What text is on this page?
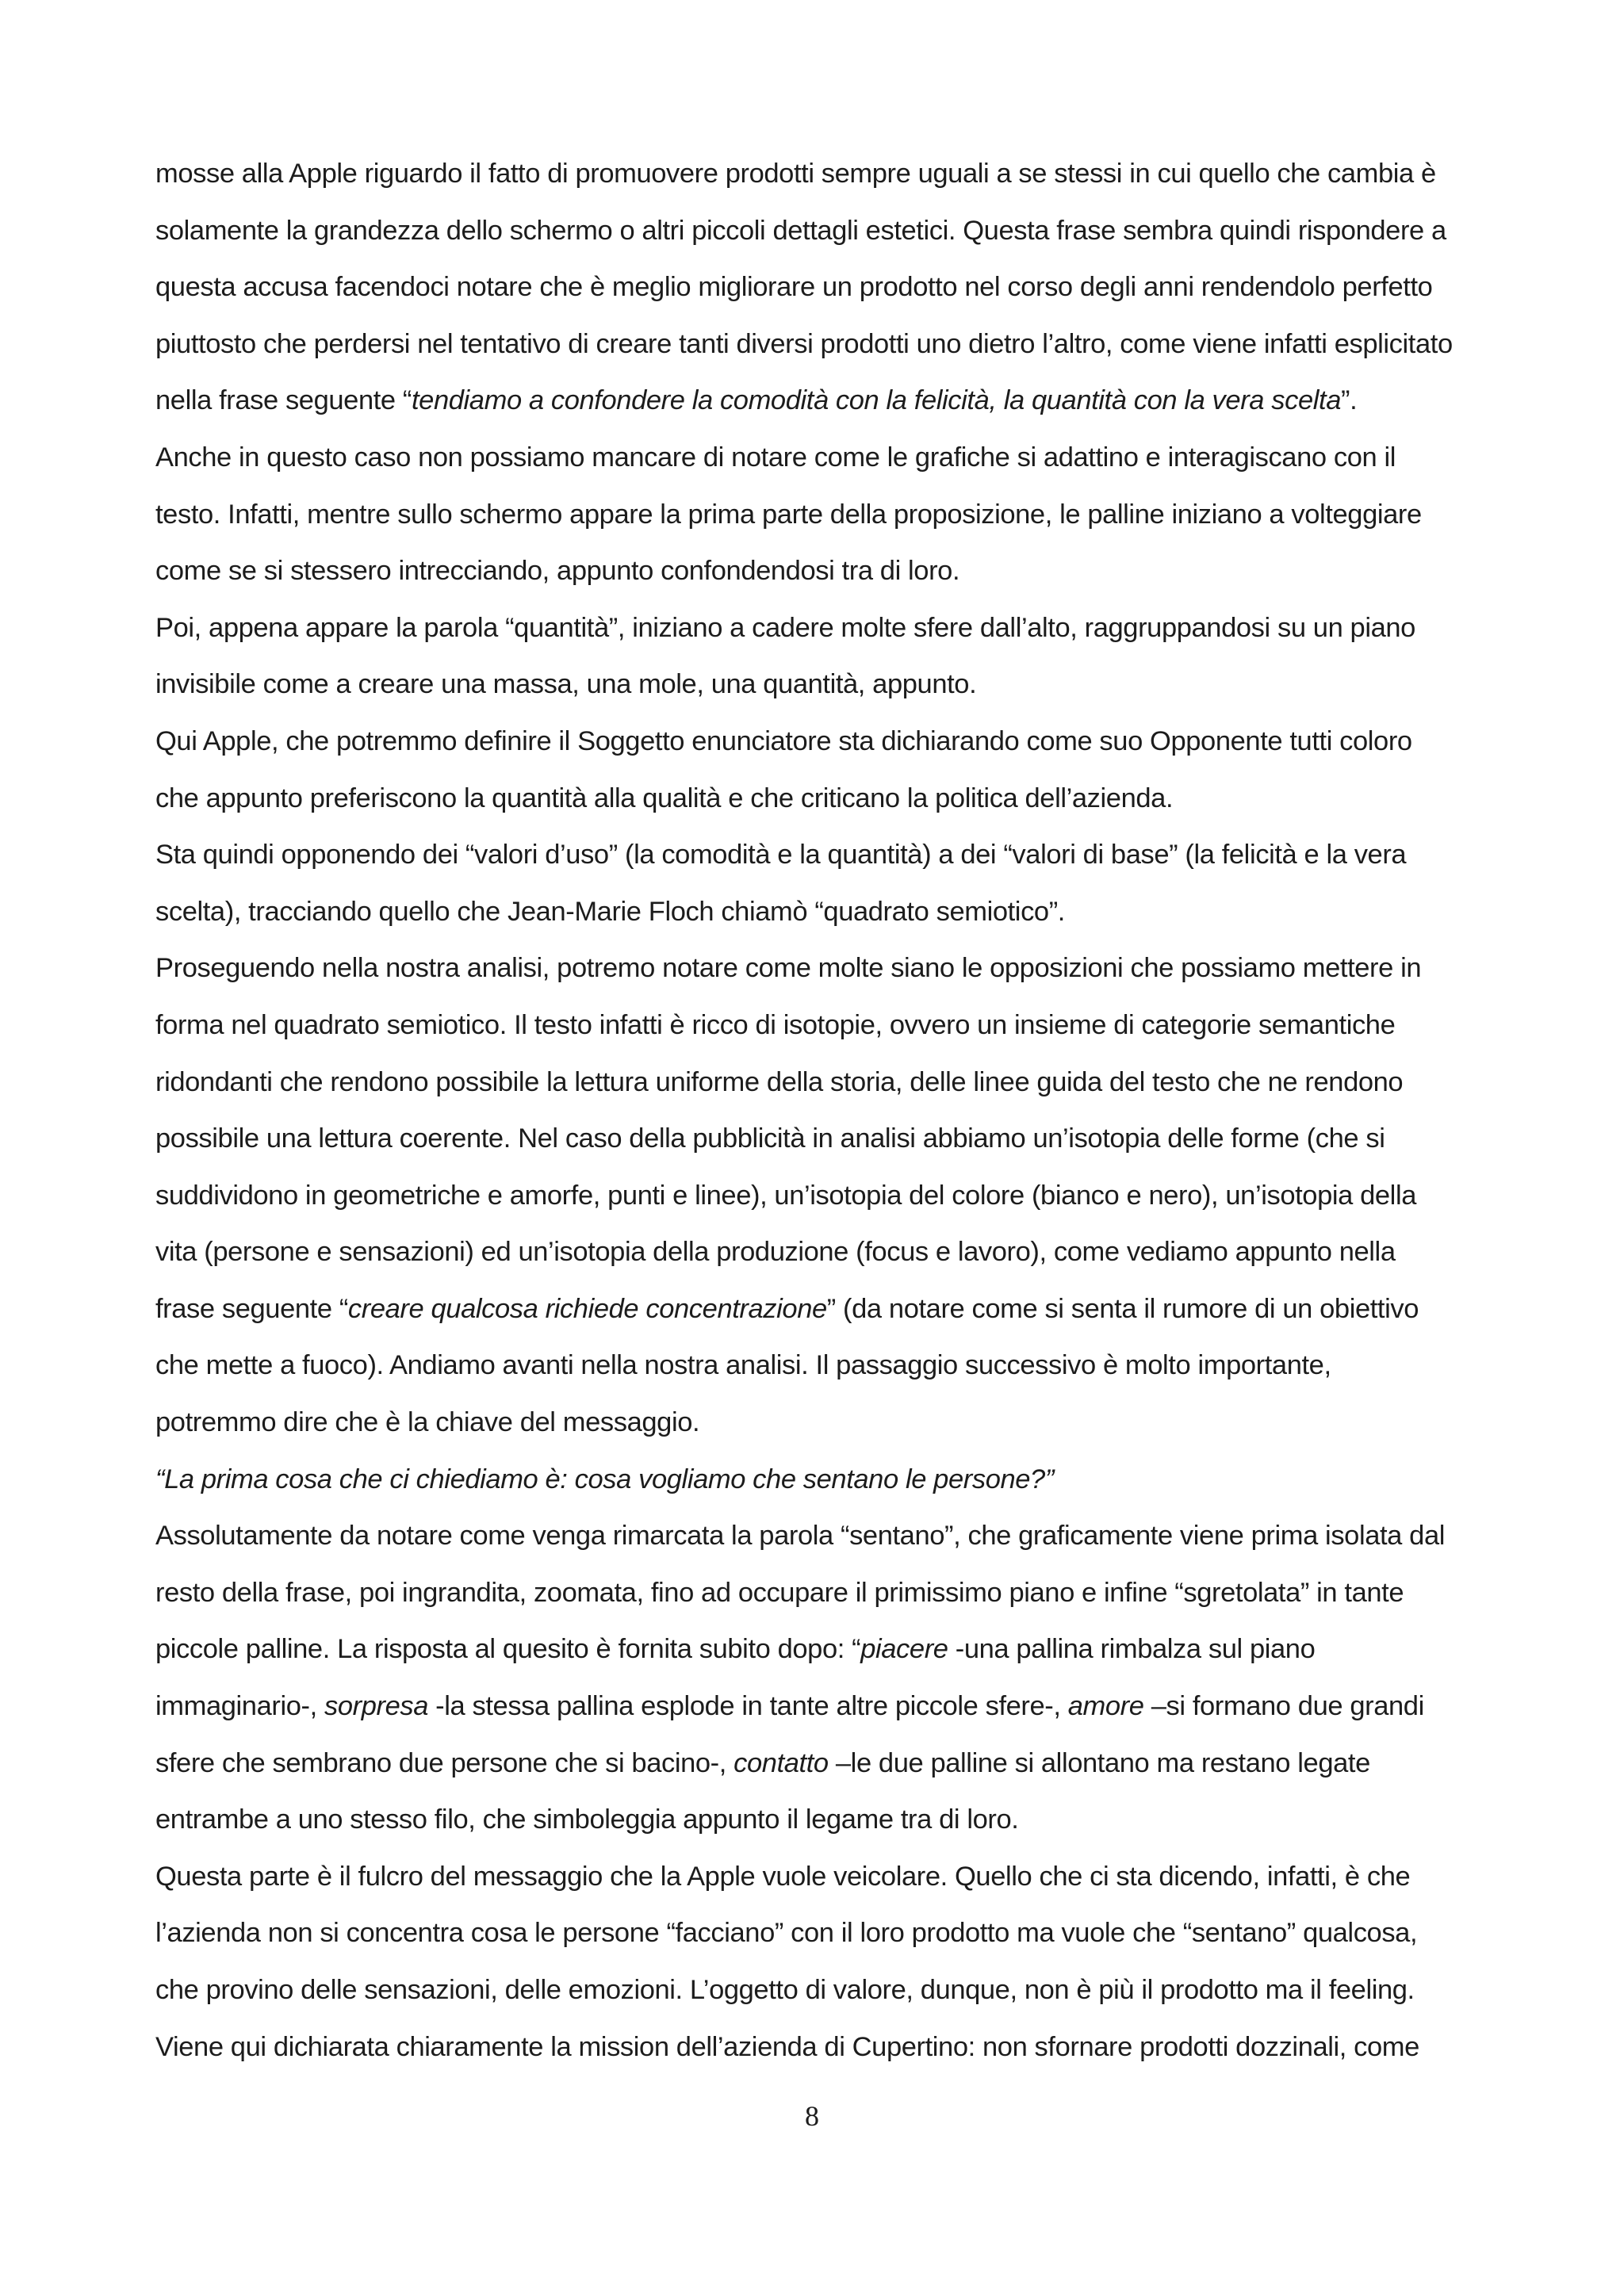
mosse alla Apple riguardo il fatto di promuovere prodotti sempre uguali a se stessi in cui quello che cambia è
solamente la grandezza dello schermo o altri piccoli dettagli estetici. Questa frase sembra quindi rispondere a
questa accusa facendoci notare che è meglio migliorare un prodotto nel corso degli anni rendendolo perfetto
piuttosto che perdersi nel tentativo di creare tanti diversi prodotti uno dietro l’altro, come viene infatti esplicitato
nella frase seguente “tendiamo a confondere la comodità con la felicità, la quantità con la vera scelta”.
Anche in questo caso non possiamo mancare di notare come le grafiche si adattino e interagiscano con il
testo. Infatti, mentre sullo schermo appare la prima parte della proposizione, le palline iniziano a volteggiare
come se si stessero intrecciando, appunto confondendosi tra di loro.
Poi, appena appare la parola “quantità”, iniziano a cadere molte sfere dall’alto, raggruppandosi su un piano
invisibile come a creare una massa, una mole, una quantità, appunto.
Qui Apple, che potremmo definire il Soggetto enunciatore sta dichiarando come suo Opponente tutti coloro
che appunto preferiscono la quantità alla qualità e che criticano la politica dell’azienda.
Sta quindi opponendo dei “valori d’uso” (la comodità e la quantità) a dei “valori di base” (la felicità e la vera
scelta), tracciando quello che Jean-Marie Floch chiamò “quadrato semiotico”.
Proseguendo nella nostra analisi, potremo notare come molte siano le opposizioni che possiamo mettere in
forma nel quadrato semiotico. Il testo infatti è ricco di isotopie, ovvero un insieme di categorie semantiche
ridondanti che rendono possibile la lettura uniforme della storia, delle linee guida del testo che ne rendono
possibile una lettura coerente. Nel caso della pubblicità in analisi abbiamo un’isotopia delle forme (che si
suddividono in geometriche e amorfe, punti e linee), un’isotopia del colore (bianco e nero), un’isotopia della
vita (persone e sensazioni) ed un’isotopia della produzione (focus e lavoro), come vediamo appunto nella
frase seguente “creare qualcosa richiede concentrazione” (da notare come si senta il rumore di un obiettivo
che mette a fuoco). Andiamo avanti nella nostra analisi. Il passaggio successivo è molto importante,
potremmo dire che è la chiave del messaggio.
“La prima cosa che ci chiediamo è: cosa vogliamo che sentano le persone?”
Assolutamente da notare come venga rimarcata la parola “sentano”, che graficamente viene prima isolata dal
resto della frase, poi ingrandita, zoomata, fino ad occupare il primissimo piano e infine “sgretolata” in tante
piccole palline. La risposta al quesito è fornita subito dopo: “piacere -una pallina rimbalza sul piano
immaginario-, sorpresa -la stessa pallina esplode in tante altre piccole sfere-, amore –si formano due grandi
sfere che sembrano due persone che si bacino-, contatto –le due palline si allontano ma restano legate
entrambe a uno stesso filo, che simboleggia appunto il legame tra di loro.
Questa parte è il fulcro del messaggio che la Apple vuole veicolare. Quello che ci sta dicendo, infatti, è che
l’azienda non si concentra cosa le persone “facciano” con il loro prodotto ma vuole che “sentano” qualcosa,
che provino delle sensazioni, delle emozioni. L’oggetto di valore, dunque, non è più il prodotto ma il feeling.
Viene qui dichiarata chiaramente la mission dell’azienda di Cupertino: non sfornare prodotti dozzinali, come
8
